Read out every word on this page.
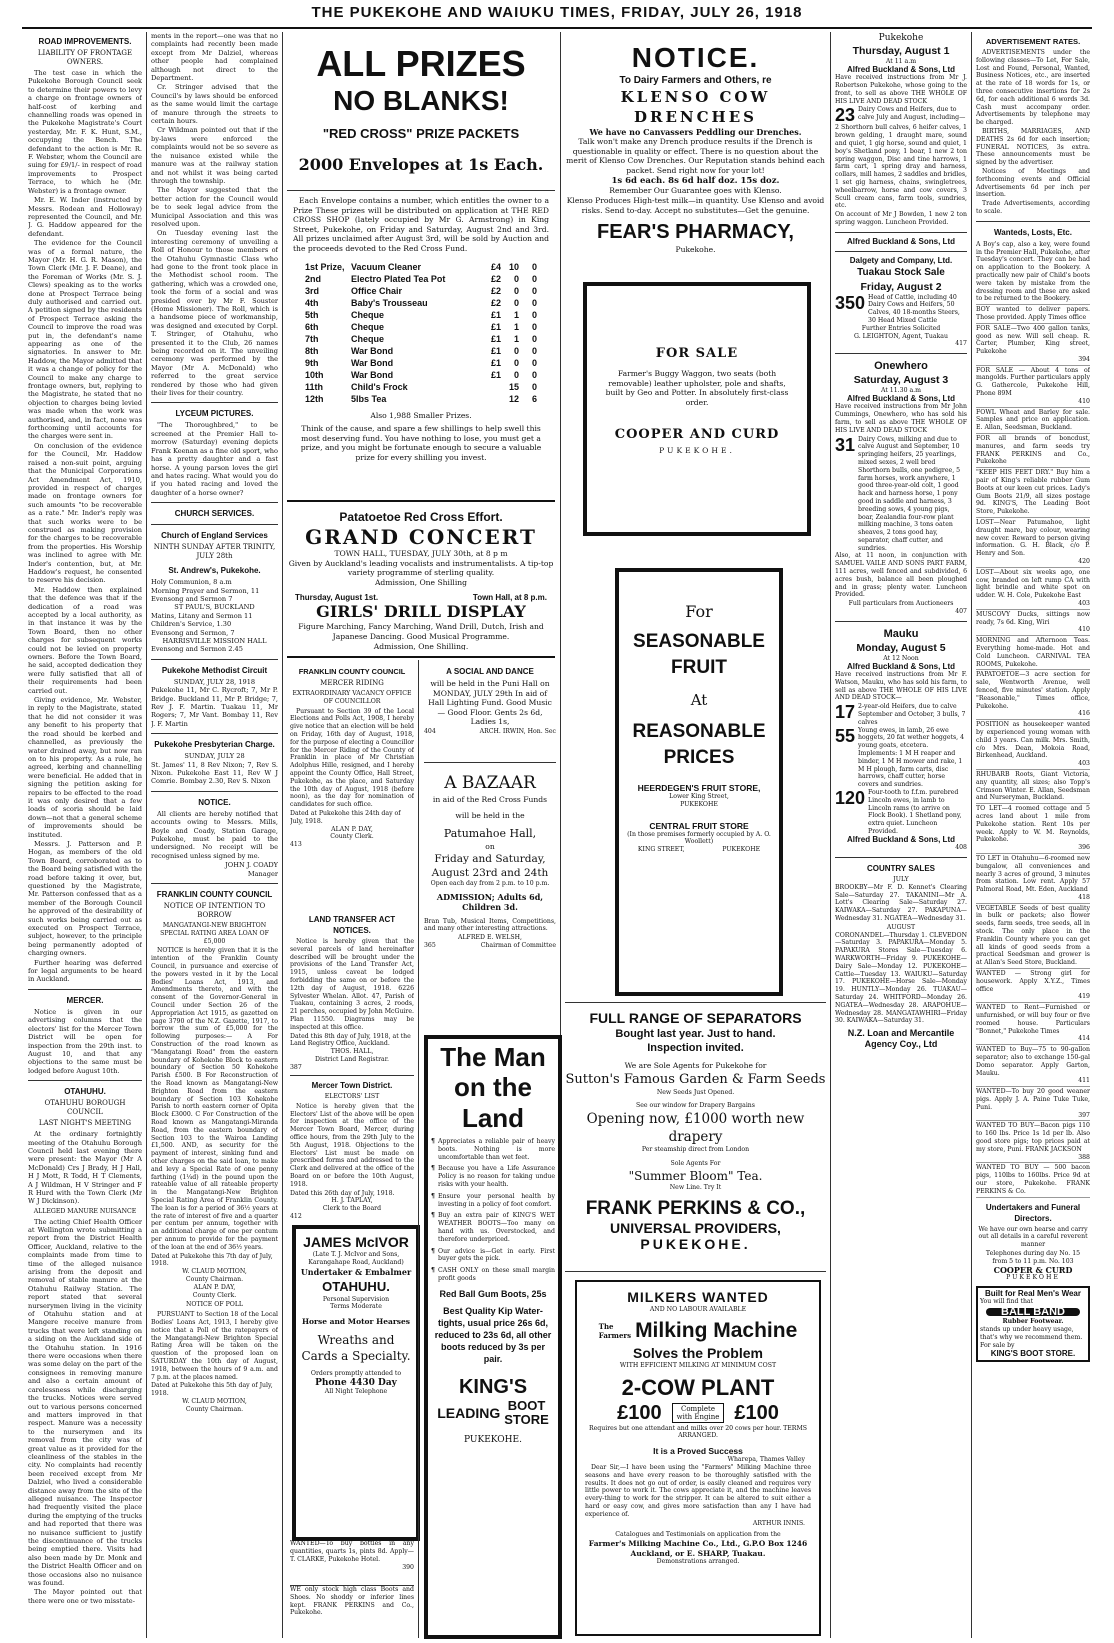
THE PUKEKOHE AND WAIUKU TIMES, FRIDAY, JULY 26, 1918
ROAD IMPROVEMENTS.
LIABILITY OF FRONTAGE OWNERS.

The test case in which the Pukekohe Borough Council seek to determine their powers to levy a charge on frontage owners of half-cost of kerbing and channelling roads was opened in the Pukekohe Magistrate's Court yesterday, Mr. F. K. Hunt, S.M., occupying the Bench. The defendant to the action is Mr. R. F. Webster, whom the Council are suing for £9/1/- in respect of road improvements to Prospect Terrace, to which he (Mr. Webster) is a frontage owner.

Mr. E. W. Inder (instructed by Messrs. Rodean and Holloway) represented the Council, and Mr. J. G. Haddow appeared for the defendant.

The evidence for the Council was of a formal nature, the Mayor (Mr. H. G. R. Mason), the Town Clerk (Mr. J. F. Deane), and the Foreman of Works (Mr. S. J. Clews) speaking as to the works done at Prospect Terrace being duly authorised and carried out. A petition signed by the residents of Prospect Terrace asking the Council to improve the road was put in, the defendant's name appearing as one of the signatories. In answer to Mr. Haddow, the Mayor admitted that it was a change of policy for the Council to make any charge to frontage owners, but, replying to the Magistrate, he stated that no objection to charges being levied was made when the work was authorised, and, in fact, none was forthcoming until accounts for the charges were sent in.

On conclusion of the evidence for the Council, Mr. Haddow raised a non-suit point, arguing that the Municipal Corporations Act Amendment Act, 1910, provided in respect of charges made on frontage owners for such amounts "to be recoverable as a rate." Mr. Inder's reply was that such works were to be construed as making provision for the charges to be recoverable from the properties. His Worship was inclined to agree with Mr. Inder's contention, but, at Mr. Haddow's request, he consented to reserve his decision.

Mr. Haddow then explained that the defence was that if the dedication of a road was accepted by a local authority, as in that instance it was by the Town Board, then no other charges for subsequent works could not be levied on property owners. Before the Town Board, he said, accepted dedication they were fully satisfied that all of their requirements had been carried out.

Giving evidence, Mr. Webster, in reply to the Magistrate, stated that he did not consider it was any benefit to his property that the road should be kerbed and channelled, as previously the water drained away, but now ran on to his property. As a rule, he agreed, kerbing and channelling were beneficial. He added that in signing the petition asking for repairs to be effected to the road it was only desired that a few loads of scoria should be laid down—not that a general scheme of improvements should be instituted.

Messrs. J. Patterson and P. Hogan, as members of the old Town Board, corroborated as to the Board being satisfied with the road before taking it over, but, questioned by the Magistrate, Mr. Patterson confessed that as a member of the Borough Council he approved of the desirability of such works being carried out as executed on Prospect Terrace, subject, however, to the principle being permanently adopted of charging owners.

Further hearing was deferred for legal arguments to be heard in Auckland.

MERCER.

Notice is given in our advertising columns that the electors' list for the Mercer Town District will be open for inspection from the 29th inst. to August 10, and that any objections to the same must be lodged before August 10th.

OTAHUHU.
OTAHUHU BOROUGH COUNCIL
LAST NIGHT'S MEETING

At the ordinary fortnightly meeting of the Otahuhu Borough Council held last evening there were present: the Mayor (Mr A McDonald) Crs J Brady, H J Hall, H J Mott, R Todd, H T Clements, A J Wildman, H V Stringer and F R Hurd with the Town Clerk (Mr W J Dickinson).

ALLEGED MANURE NUISANCE

The acting Chief Health Officer at Wellington wrote submitting a report from the District Health Officer, Auckland, relative to the complaints made from time to time of the alleged nuisance arising from the deposit and removal of stable manure at the Otahuhu Railway Station. The report stated that several nurserymen living in the vicinity of Otahuhu station and at Mangere receive manure from trucks that were left standing on a siding on the Auckland side of the Otahuhu station. In 1916 there were occasions when there was some delay on the part of the consignees in removing manure and also a certain amount of carelessness while discharging the trucks. Notices were served out to various persons concerned and matters improved in that respect. Manure was a necessity to the nurserymen and its removal from the city was of great value as it provided for the cleanliness of the stables in the city. No complaints had recently been received except from Mr Dalziel, who lived a considerable distance away from the site of the alleged nuisance. The Inspector had frequently visited the place during the emptying of the trucks and had reported that there was no nuisance sufficient to justify the discontinuance of the trucks being emptied there. Visits had also been made by Dr. Monk and the District Health Officer and on those occasions also no nuisance was found.

The Mayor pointed out that there were one or two misstate-

ments in the report—one was that no complaints had recently been made except from Mr Dalziel, whereas other people had complained although not direct to the Department.

Cr. Stringer advised that the Council's by laws should be enforced as the same would limit the cartage of manure through the streets to certain hours.

Cr Wildman pointed out that if the by-laws were enforced the complaints would not be so severe as the nuisance existed while the manure was at the railway station and not whilst it was being carted through the township.

The Mayor suggested that the better action for the Council would be to seek legal advice from the Municipal Association and this was resolved upon.

On Tuesday evening last the interesting ceremony of unveiling a Roll of Honour to those members of the Otahuhu Gymnastic Class who had gone to the front took place in the Methodist school room. The gathering, which was a crowded one, took the form of a social and was presided over by Mr F. Souster (Home Missioner). The Roll, which is a handsome piece of workmanship, was designed and executed by Corpl. T. Stringer, of Otahuhu, who presented it to the Club, 26 names being recorded on it. The unveiling ceremony was performed by the Mayor (Mr A. McDonald) who referred to the great service rendered by those who had given their lives for their country.

LYCEUM PICTURES.

"The Thoroughbred," to be screened at the Premier Hall to-morrow (Saturday) evening depicts Frank Keenan as a fine old sport, who has a pretty daughter and a fast horse. A young parson loves the girl and hates racing. What would you do if you hated racing and loved the daughter of a horse owner?

CHURCH SERVICES.
Church of England Services
NINTH SUNDAY AFTER TRINITY, JULY 28th
St. Andrew's, Pukekohe.
Holy Communion, 8 a.m
Morning Prayer and Sermon, 11
Evensong and Sermon 7
ST PAUL'S, BUCKLAND
Matins, Litany and Sermon 11
Children's Service, 1.30
Evensong and Sermon, 7
HARRISVILLE MISSION HALL
Evensong and Sermon 2.45
Pukekohe Methodist Circuit
SUNDAY, JULY 28, 1918

Pukekohe 11, Mr C. Rycroft; 7, Mr P. Bridge. Buckland 11, Mr P. Bridge; 7, Rev J. F. Martin. Tuakau 11, Mr Rogers; 7, Mr Vant. Bombay 11, Rev J. F. Martin

Pukekohe Presbyterian Charge.
SUNDAY, JULY 28

St. James' 11, 8 Rev Nixon; 7, Rev S. Nixon. Pukekohe East 11, Rev W J Comrie. Bombay 2.30, Rev S. Nixon

NOTICE.

All clients are hereby notified that accounts owing to Messrs. Mills, Boyle and Coady, Station Garage, Pukekohe, must be paid to the undersigned. No receipt will be recognised unless signed by me.

JOHN J. COADY
Manager
FRANKLIN COUNTY COUNCIL
NOTICE OF INTENTION TO BORROW
MANGATANGI-NEW BRIGHTON SPECIAL RATING AREA LOAN OF £5,000

NOTICE is hereby given that it is the intention of the Franklin County Council, in pursuance and exercise of the powers vested in it by the Local Bodies' Loans Act, 1913, and Amendments thereto, and with the consent of the Governor-General in Council under Section 26 of the Appropriation Act 1915, as gazetted on page 3790 of the N.Z. Gazette, 1917, to borrow the sum of £5,000 for the following purposes:— A For Construction of the road known as "Mangatangi Road" from the eastern boundary of Kohekohe Block to eastern boundary of Section 50 Kohekohe Parish £500. B For Reconstruction of the Road known as Mangatangi-New Brighton Road from the eastern boundary of Section 103 Kohekohe Parish to north eastern corner of Opita Block £3000. C For Construction of the Road known as Mangatangi-Miranda Road, from the eastern boundary of Section 103 to the Wairoa Landing £1,500. AND, as security for the payment of interest, sinking fund and other charges on the said loan, to make and levy a Special Rate of one penny farthing (1¼d) in the pound upon the rateable value of all rateable property in the Mangatangi-New Brighton Special Rating Area of Franklin County. The loan is for a period of 36½ years at the rate of interest of five and a quarter per centum per annum, together with an additional charge of one per centum per annum to provide for the payment of the loan at the end of 36½ years.

Dated at Pukekohe this 7th day of July, 1918.
W. CLAUD MOTION,
County Chairman.
ALAN P. DAY,
County Clerk.
NOTICE OF POLL

PURSUANT to Section 18 of the Local Bodies' Loans Act, 1913, I hereby give notice that a Poll of the ratepayers of the Mangatangi-New Brighton Special Rating Area will be taken on the question of the proposed loan on SATURDAY the 10th day of August, 1918, between the hours of 9 a.m. and 7 p.m. at the places named.

Dated at Pukekohe this 5th day of July, 1918.
W. CLAUD MOTION,
County Chairman.
ALL PRIZES
NO BLANKS!
"RED CROSS" PRIZE PACKETS
2000 Envelopes at 1s Each.

Each Envelope contains a number, which entitles the owner to a Prize These prizes will be distributed on application at THE RED CROSS SHOP (lately occupied by Mr G. Armstrong) in King Street, Pukekohe, on Friday and Saturday, August 2nd and 3rd. All prizes unclaimed after August 3rd, will be sold by Auction and the proceeds devoted to the Red Cross Fund.

1st Prize, Vacuum Cleaner	£4 10 0
2nd	Electro Plated Tea Pot	£2 0 0
3rd	Office Chair	£2 0 0
4th	Baby's Trousseau	£2 0 0
5th	Cheque	£1 1 0
6th	Cheque	£1 1 0
7th	Cheque	£1 1 0
8th	War Bond	£1 0 0
9th	War Bond	£1 0 0
10th	War Bond	£1 0 0
11th	Child's Frock	15 0
12th	5lbs Tea	12 6
Also 1,988 Smaller Prizes.

Think of the cause, and spare a few shillings to help swell this most deserving fund. You have nothing to lose, you must get a prize, and you might be fortunate enough to secure a valuable prize for every shilling you invest.

Patatoetoe Red Cross Effort.
GRAND CONCERT
TOWN HALL, TUESDAY, JULY 30th, at 8 p m
Given by Auckland's leading vocalists and instrumentalists. A tip-top variety programme of sterling quality.
Admission, One Shilling
Thursday, August 1st.	Town Hall, at 8 p.m.
GIRLS' DRILL DISPLAY
Figure Marching, Fancy Marching, Wand Drill, Dutch, Irish and Japanese Dancing. Good Musical Programme.
Admission, One Shilling.
FRANKLIN COUNTY COUNCIL
MERCER RIDING
EXTRAORDINARY VACANCY OFFICE OF COUNCILLOR

Pursuant to Section 39 of the Local Elections and Polls Act, 1908, I hereby give notice that an election will be held on Friday, 16th day of August, 1918, for the purpose of electing a Councillor for the Mercer Riding of the County of Franklin in place of Mr Christian Adolphus Hille, resigned, and I hereby appoint the County Office, Hall Street, Pukekohe, as the place, and Saturday the 10th day of August, 1918 (before noon), as the day for nomination of candidates for such office.

Dated at Pukekohe this 24th day of July, 1918.
ALAN P. DAY,
County Clerk.
413
LAND TRANSFER ACT NOTICES.

Notice is hereby given that the several parcels of land hereinafter described will be brought under the provisions of the Land Transfer Act, 1915, unless caveat be lodged forbidding the same on or before the 12th day of August, 1918. 6226 Sylvester Whelan. Allot. 47, Parish of Tuakau, containing 3 acres, 2 roods, 21 perches, occupied by John McGuire. Plan 11550. Diagrams may be inspected at this office.

Dated this 8th day of July, 1918, at the Land Registry Office, Auckland.
THOS. HALL,
District Land Registrar.
387
Mercer Town District.
ELECTORS' LIST

Notice is hereby given that the Electors' List of the above will be open for inspection at the office of the Mercer Town Board, Mercer, during office hours, from the 29th July to the 5th August, 1918. Objections to the Electors' List must be made on prescribed forms and addressed to the Clerk and delivered at the office of the Board on or before the 10th August, 1918.

Dated this 26th day of July, 1918.
H. J. TAPLAY,
Clerk to the Board
412
JAMES McIVOR
(Late T. J. McIvor and Sons, Karangahape Road, Auckland)
Undertaker & Embalmer
OTAHUHU.
Personal Supervision
Terms Moderate
Horse and Motor Hearses
Wreaths and Cards a Specialty.
Orders promptly attended to
Phone 4430 Day
All Night Telephone

WANTED—To buy bottles in any quantities, quarts 1s, pints 8d. Apply—T. CLARKE, Pukekohe Hotel.

390

WE only stock high class Boots and Shoes. No shoddy or inferior lines kept. FRANK PERKINS and Co., Pukekohe.

A SOCIAL AND DANCE

will be held in the Puni Hall on MONDAY, JULY 29th In aid of Hall Lighting Fund. Good Music — Good Floor. Gents 2s 6d, Ladies 1s,

404	ARCH. IRWIN, Hon. Sec
A BAZAAR
in aid of the Red Cross Funds
will be held in the
Patumahoe Hall,
on
Friday and Saturday, August 23rd and 24th
Open each day from 2 p.m. to 10 p.m.
ADMISSION; Adults 6d, Children 3d.

Bran Tub, Musical Items, Competitions, and many other interesting attractions.

ALFRED E. WELSH,
365	Chairman of Committee
The Man
on the
Land

Appreciates a reliable pair of heavy boots. Nothing is more uncomfortable than wet feet.
¶

Because you have a Life Assurance Policy is no reason for taking undue risks with your health.
¶

Ensure your personal health by investing in a policy of foot comfort.
¶

Buy an extra pair of KING'S WET WEATHER BOOTS—Too many on hand with us. Overstocked, and therefore underpriced.
¶

Our advice is—Get in early. First buyer gets the pick.
¶

CASH ONLY on these small margin profit goods
¶

Red Ball Gum Boots, 25s
Best Quality Kip Water-tights, usual price 26s 6d, reduced to 23s 6d, all other boots reduced by 3s per pair.
KING'S
LEADING BOOT
STORE
PUKEKOHE.
NOTICE.
To Dairy Farmers and Others, re
KLENSO COW DRENCHES
We have no Canvassers Peddling our Drenches.

Talk won't make any Drench produce results if the Drench is questionable in quality or effect. There is no question about the merit of Klenso Cow Drenches. Our Reputation stands behind each packet. Send right now for your lot!

1s 6d each. 8s 6d half doz. 15s doz.
Remember Our Guarantee goes with Klenso.

Klenso Produces High-test milk—in quantity. Use Klenso and avoid risks. Send to-day. Accept no substitutes—Get the genuine.

FEAR'S PHARMACY,
Pukekohe.
FOR SALE

Farmer's Buggy Waggon, two seats (both removable) leather upholster, pole and shafts, built by Geo and Potter. In absolutely first-class order.

COOPER AND CURD
PUKEKOHE.
For
SEASONABLE
FRUIT
At
REASONABLE
PRICES
HEERDEGEN'S FRUIT STORE,
Lower King Street,
PUKEKOHE
CENTRAL FRUIT STORE
(In those premises formerly occupied by A. O. Woollett)
KING STREET,	PUKEKOHE
FULL RANGE OF SEPARATORS
Bought last year. Just to hand.
Inspection invited.
We are Sole Agents for Pukekohe for
Sutton's Famous Garden & Farm Seeds
New Seeds Just Opened.
See our window for Drapery Bargains
Opening now, £1000 worth new drapery
Per steamship direct from London
Sole Agents For
"Summer Bloom" Tea.
New Line. Try It
FRANK PERKINS & CO.,
UNIVERSAL PROVIDERS,
PUKEKOHE.
MILKERS WANTED
AND NO LABOUR AVAILABLE
The
Farmers Milking Machine
Solves the Problem
WITH EFFICIENT MILKING AT MINIMUM COST
2-COW PLANT
£100	Complete
with Engine £100
Requires but one attendant and milks over 20 cows per hour. TERMS ARRANGED.
It is a Proved Success
Wharepa, Thames Valley

Dear Sir,—I have been using the "Farmers" Milking Machine three seasons and have every reason to be thoroughly satisfied with the results. It does not go out of order, is easily cleaned and requires very little power to work it. The cows appreciate it, and the machine leaves every-thing to work for the stripper. It can be altered to suit either a hard or easy cow, and gives more satisfaction than any I have had experience of.

ARTHUR INNIS.
Catalogues and Testimonials on application from the
Farmer's Milking Machine Co., Ltd., G.P.O Box 1246 Auckland, or E. SHARP, Tuakau.
Demonstrations arranged.
Pukekohe
Thursday, August 1
At 11 a.m
Alfred Buckland & Sons, Ltd

Have received instructions from Mr J. Robertson Pukekohe, whose going to the front, to sell as above THE WHOLE OF HIS LIVE AND DEAD STOCK

23 Dairy Cows and Heifers, due to calve July and August, including—

2 Shorthorn bull calves, 6 heifer calves, 1 brown gelding, 1 draught mare, sound and quiet, 1 gig horse, sound and quiet, 1 boy's Shetland pony, 1 boar, 1 new 2 ton spring waggon, Disc and tine harrows, 1 farm cart, 1 spring dray and harness, collars, mill hames, 2 saddles and bridles, 1 set gig harness, chains, swingletrees, wheelbarrow, horse and cow covers, 3 Scull cream cans, farm tools, sundries, etc.

On account of Mr J Bowden, 1 new 2 ton spring waggon. Luncheon Provided.

Alfred Buckland & Sons, Ltd
Dalgety and Company, Ltd.
Tuakau Stock Sale
Friday, August 2
350 Head of Cattle, including 40 Dairy Cows and Heifers, 50 Calves, 40 18-months Steers, 30 Head Mixed Cattle
Further Entries Solicited
G. LEIGHTON, Agent, Tuakau
417
Onewhero
Saturday, August 3
At 11.30 a.m
Alfred Buckland & Sons, Ltd

Have received instructions from Mr John Cummings, Onewhero, who has sold his farm, to sell as above THE WHOLE OF HIS LIVE AND DEAD STOCK

31 Dairy Cows, milking and due to calve August and September, 10 springing heifers, 25 yearlings, mixed sexes, 2 well bred Shorthorn bulls, one pedigree, 5 farm horses, work anywhere, 1 good three-year-old colt, 1 good hack and harness horse, 1 pony good in saddle and harness, 3 breeding sows, 4 young pigs, boar, Zealandia four-row plant milking machine, 3 tons oaten sheaves, 2 tons good hay, separator, chaff cutter, and sundries.

Also, at 11 noon, in conjunction with SAMUEL VAILE AND SONS PART FARM, 111 acres, well fenced and subdivided, 6 acres bush, balance all been ploughed and in grass; plenty water. Luncheon Provided.

Full particulars from Auctioneers
407
Mauku
Monday, August 5
At 12 Noon
Alfred Buckland & Sons, Ltd

Have received instructions from Mr F. Watson, Mauku, who has sold his farm, to sell as above THE WHOLE OF HIS LIVE AND DEAD STOCK—

17 2-year-old Heifers, due to calve September and October, 3 bulls, 7 calves
55 Young ewes, in lamb, 26 ewe hoggets, 20 fat wether hoggets, 4 young goats, etcetera. Implements: 1 M H reaper and binder, 1 M H mower and rake, 1 M H plough, farm carts, disc harrows, chaff cutter, horse covers and sundries.
120 Four-tooth to f.f.m. purebred Lincoln ewes, in lamb to Lincoln rams (to arrive on Flock Book). 1 Shetland pony, extra quiet. Luncheon Provided.
Alfred Buckland & Sons, Ltd
408
COUNTRY SALES
JULY

BROOKBY—Mr F. D. Kennet's Clearing Sale—Saturday 27. TAKANINI—Mr A. Lott's Clearing Sale—Saturday 27. KAIWAKA—Saturday 27. PAKAPUNA—Wednesday 31. NGATEA—Wednesday 31.

AUGUST

CORONANDEL—Thursday 1. CLEVEDON—Saturday 3. PAPAKURA—Monday 5. PAPAKURA Stores Sale—Tuesday 6. WARKWORTH—Friday 9. PUKEKOHE—Dairy Sale—Monday 12. PUKEKOHE—Cattle—Tuesday 13. WAIUKU—Saturday 17. PUKEKOHE—Horse Sale—Monday 19. HUNTLY—Monday 26. TUAKAU—Saturday 24. WHITFORD—Monday 26. NGATEA—Wednesday 28. ARAPOHUE—Wednesday 28. MANGATAWHIRI—Friday 30. KAIWAKA—Saturday 31.

N.Z. Loan and Mercantile Agency Coy., Ltd
ADVERTISEMENT RATES.

ADVERTISEMENTS under the following classes—To Let, For Sale, Lost and Found, Personal, Wanted, Business Notices, etc., are inserted at the rate of 18 words for 1s, or three consecutive insertions for 2s 6d, for each additional 6 words 3d. Cash must accompany order. Advertisements by telephone may be charged.

BIRTHS, MARRIAGES, AND DEATHS 2s 6d for each insertion; FUNERAL NOTICES, 3s extra. These announcements must be signed by the advertiser.

Notices of Meetings and forthcoming events and Official Advertisements 6d per inch per insertion.

Trade Advertisements, according to scale.

Wanteds, Losts, Etc.

A Boy's cap, also a key, were found in the Premier Hall, Pukekohe, after Tuesday's concert. They can be had on application to the Bookery. A practically new pair of Child's boots were taken by mistake from the dressing room and these are asked to be returned to the Bookery.

BOY wanted to deliver papers. Those provided. Apply Times office

FOR SALE—Two 400 gallon tanks, good as new. Will sell cheap. R. Carter, Plumber, King street, Pukekohe

394

FOR SALE — About 4 tons of mangolds. Further particulars apply G. Gathercole, Pukekohe Hill, Phone 89M

410

FOWL Wheat and Barley for sale. Samples and price on application. E. Allan, Seedsman, Buckland.

FOR all brands of boncdust, manures, and farm seeds try FRANK PERKINS and Co., Pukekohe

"KEEP HIS FEET DRY." Buy him a pair of King's reliable rubber Gum Boots at our keen cut prices. Lady's Gum Boots 21/9, all sizes postage 9d. KING'S, The Leading Boot Store, Pukekohe.

LOST—Near Patumahoe, light draught mare, bay colour, wearing new cover. Reward to person giving information. G. H. Black, c/o P. Henry and Son.

420

LOST—About six weeks ago, one cow, branded on left rump CA with light brindle and white spot on udder. W. H. Cole, Pukekohe East

403

MUSCOVY Ducks, sittings now ready, 7s 6d. King, Wiri

410

MORNING and Afternoon Teas. Everything home-made. Hot and Cold Luncheon. CARNIVAL TEA ROOMS, Pukekohe.

PAPATOETOE—3 acre section for sale, Wentworth Avenue, well fenced, five minutes' station. Apply "Reasonable," Times office, Pukekohe.

416

POSITION as housekeeper wanted by experienced young woman with child 3 years. Can milk. Mrs. Smith, c/o Mrs. Dean, Mokoia Road, Birkenhead, Auckland.

403

RHUBARB Roots, Giant Victoria, any quantity, all sizes; also Topp's Crimson Winter. E. Allan, Seedsman and Nurseryman, Buckland.

TO LET—4 roomed cottage and 5 acres land about 1 mile from Pukekohe station. Rent 10s per week. Apply to W. M. Reynolds, Pukekohe.

396

TO LET in Otahuhu—6-roomed new bungalow, all conveniences and nearly 3 acres of ground, 3 minutes from station. Low rent. Apply 57 Palmoral Road, Mt. Eden, Auckland

418

VEGETABLE Seeds of best quality in bulk or packets; also flower seeds, farm seeds, tree seeds, all in stock. The only place in the Franklin County where you can get all kinds of good seeds from a practical Seedsman and grower is at Allan's Seed Store, Buckland.

WANTED — Strong girl for housework. Apply X.Y.Z., Times office

419

WANTED to Rent—Furnished or unfurnished, or will buy four or five roomed house. Particulars "Bonnet," Pukekohe Times

414

WANTED to Buy—75 to 90-gallon separator; also to exchange 150-gal Domo separator. Apply Garton, Mauku.

411

WANTED—To buy 20 good weaner pigs. Apply J. A. Paine Tuke Tuke, Puni.

397

WANTED TO BUY—Bacon pigs 110 to 160 lbs. Price 1s 1d per lb. Also good store pigs; top prices paid at my store, Puni. FRANK JACKSON

388

WANTED TO BUY — 500 bacon pigs, 110lbs to 160lbs. Price 9d at our store, Pukekohe. FRANK PERKINS & Co.

Undertakers and Funeral Directors.

We have our own hearse and carry out all details in a careful reverent manner

Telephones during day No. 15
from 5 to 11 p.m. No. 103
COOPER & CURD
PUKEKOHE
Built for Real Men's Wear
You will find that
BALL BAND
Rubber Footwear.
stands up under heavy usage, that's why we recommend them.
For sale by
KING'S BOOT STORE.
